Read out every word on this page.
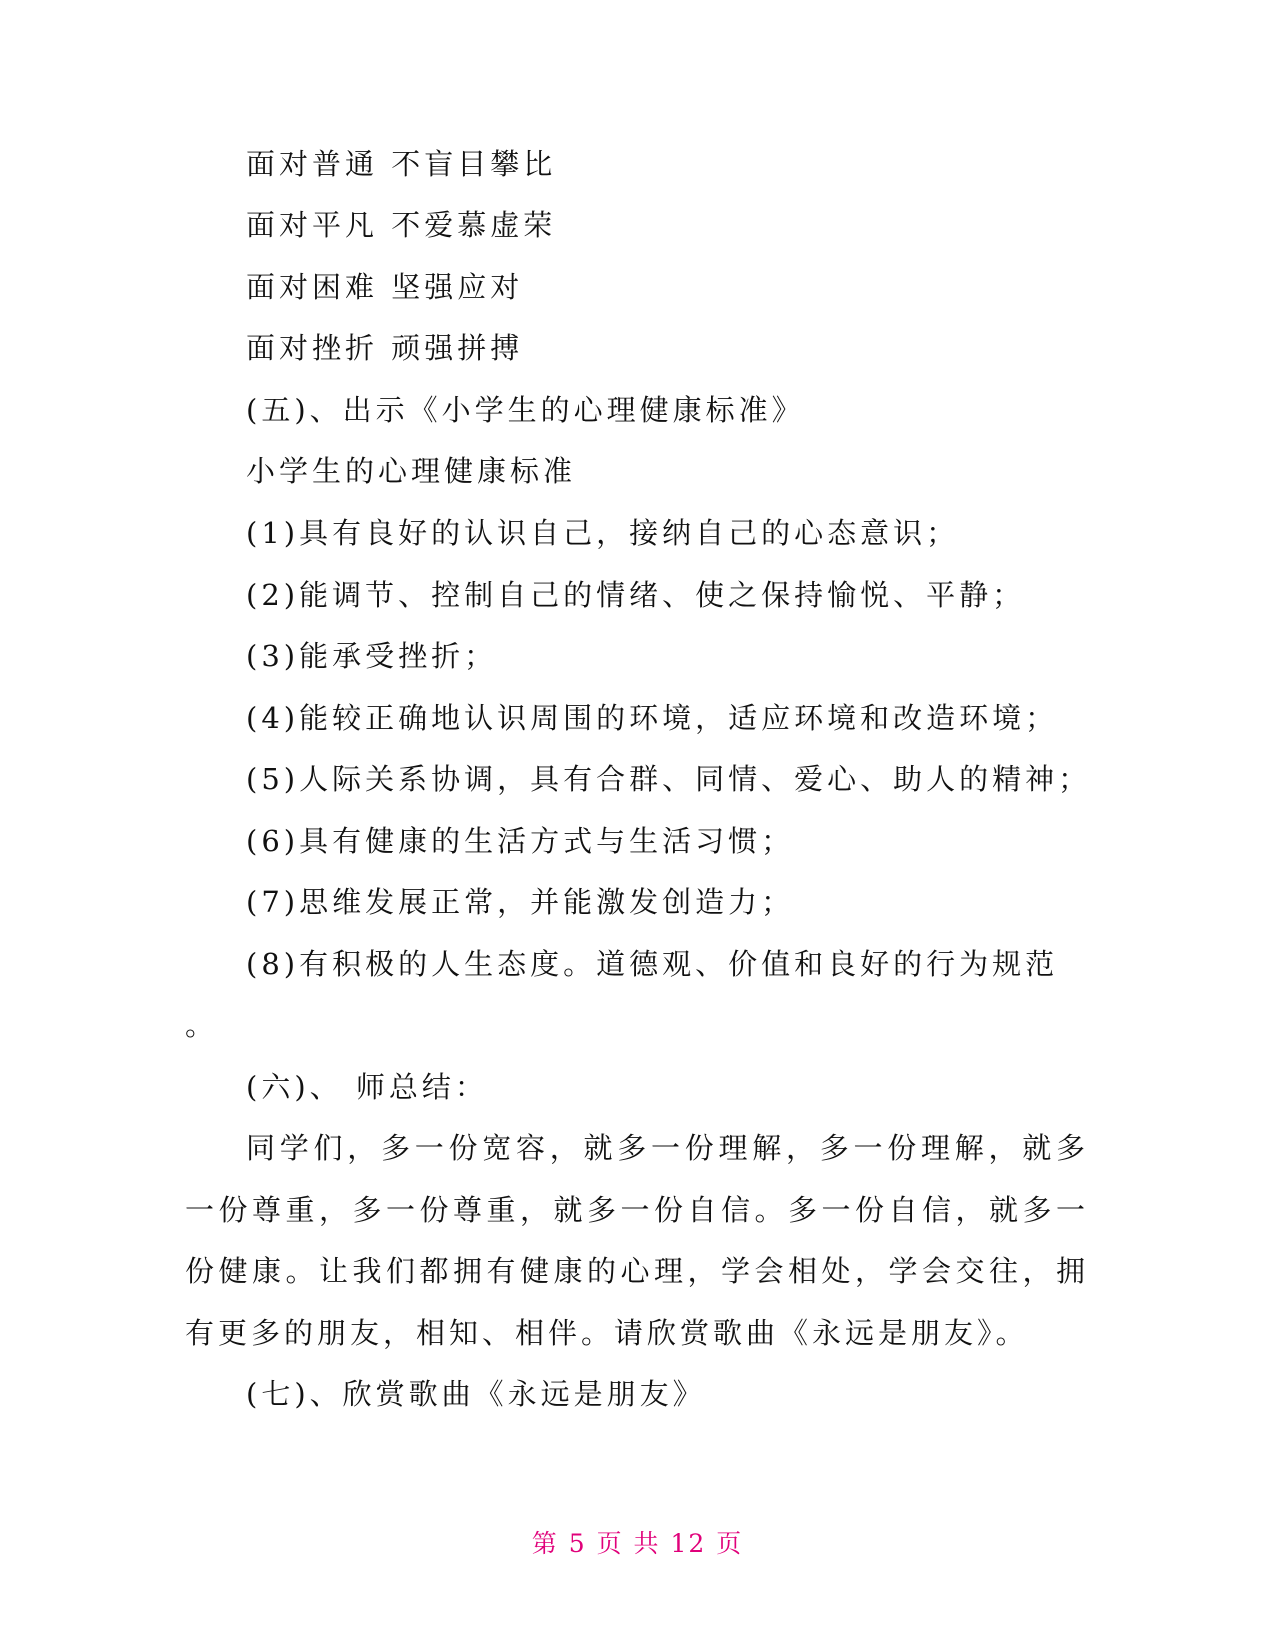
面对普通 不盲目攀比
面对平凡 不爱慕虚荣
面对困难 坚强应对
面对挫折 顽强拼搏
(五)、出示《小学生的心理健康标准》
小学生的心理健康标准
(1)具有良好的认识自己，接纳自己的心态意识；
(2)能调节、控制自己的情绪、使之保持愉悦、平静；
(3)能承受挫折；
(4)能较正确地认识周围的环境，适应环境和改造环境；
(5)人际关系协调，具有合群、同情、爱心、助人的精神；
(6)具有健康的生活方式与生活习惯；
(7)思维发展正常，并能激发创造力；
(8)有积极的人生态度。道德观、价值和良好的行为规范
。
(六)、 师总结：
同学们，多一份宽容，就多一份理解，多一份理解，就多
一份尊重，多一份尊重，就多一份自信。多一份自信，就多一
份健康。让我们都拥有健康的心理，学会相处，学会交往，拥
有更多的朋友，相知、相伴。请欣赏歌曲《永远是朋友》。
(七)、欣赏歌曲《永远是朋友》
第 5 页 共 12 页
